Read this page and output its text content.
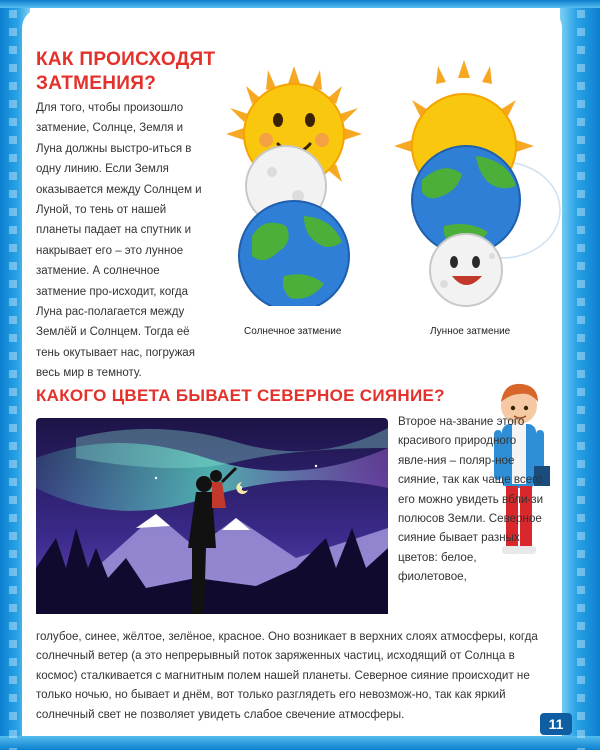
КАК ПРОИСХОДЯТ ЗАТМЕНИЯ?
Для того, чтобы произошло затмение, Солнце, Земля и Луна должны выстро-иться в одну линию. Если Земля оказывается между Солнцем и Луной, то тень от нашей планеты падает на спутник и накрывает его – это лунное затмение. А солнечное затмение про-исходит, когда Луна рас-полагается между Землёй и Солнцем. Тогда её тень окутывает нас, погружая весь мир в темноту.
Солнечное затмение	Лунное затмение
КАКОГО ЦВЕТА БЫВАЕТ СЕВЕРНОЕ СИЯНИЕ?
Второе на-звание этого красивого природного явле-ния – поляр-ное сияние, так как чаще всего его можно увидеть вбли-зи полюсов Земли. Северное сияние бывает разных цветов: белое, фиолетовое,
голубое, синее, жёлтое, зелёное, красное. Оно возникает в верхних слоях атмосферы, когда солнечный ветер (а это непрерывный поток заряженных частиц, исходящий от Солнца в космос) сталкивается с магнитным полем нашей планеты. Северное сияние происходит не только ночью, но бывает и днём, вот только разглядеть его невозмож-но, так как яркий солнечный свет не позволяет увидеть слабое свечение атмосферы.
11
